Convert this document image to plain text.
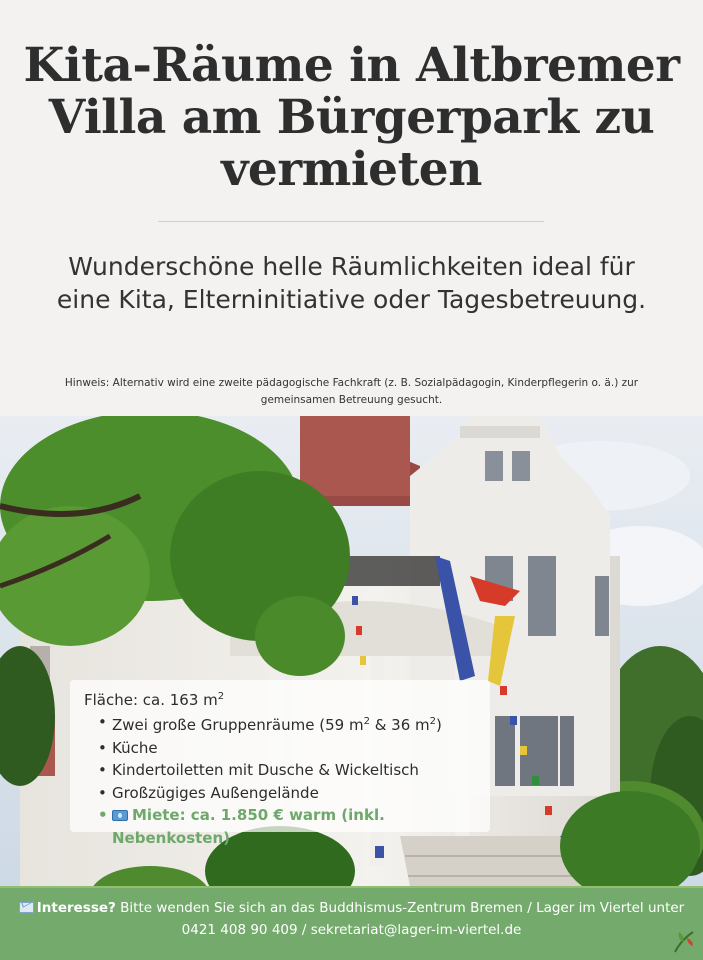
Kita-Räume in Altbremer Villa am Bürgerpark zu vermieten

Wunderschöne helle Räumlichkeiten ideal für eine Kita, Elterninitiative oder Tagesbetreuung.

Hinweis: Alternativ wird eine zweite pädagogische Fachkraft (z. B. Sozialpädagogin, Kinderpflegerin o. ä.) zur gemeinsamen Betreuung gesucht.

Fläche: ca. 163 $m^2$
• Zwei große Gruppenräume (59 $m^2$ & 36 $m^2$)
• Küche
• Kindertoiletten mit Dusche & Wickeltisch
• Großzügiges Außengelände
• Miete: ca. 1.850 € warm (inkl. Nebenkosten)
Interesse? Bitte wenden Sie sich an das Buddhismus-Zentrum Bremen / Lager im Viertel unter
0421 408 90 409 / sekretariat@lager-im-viertel.de
